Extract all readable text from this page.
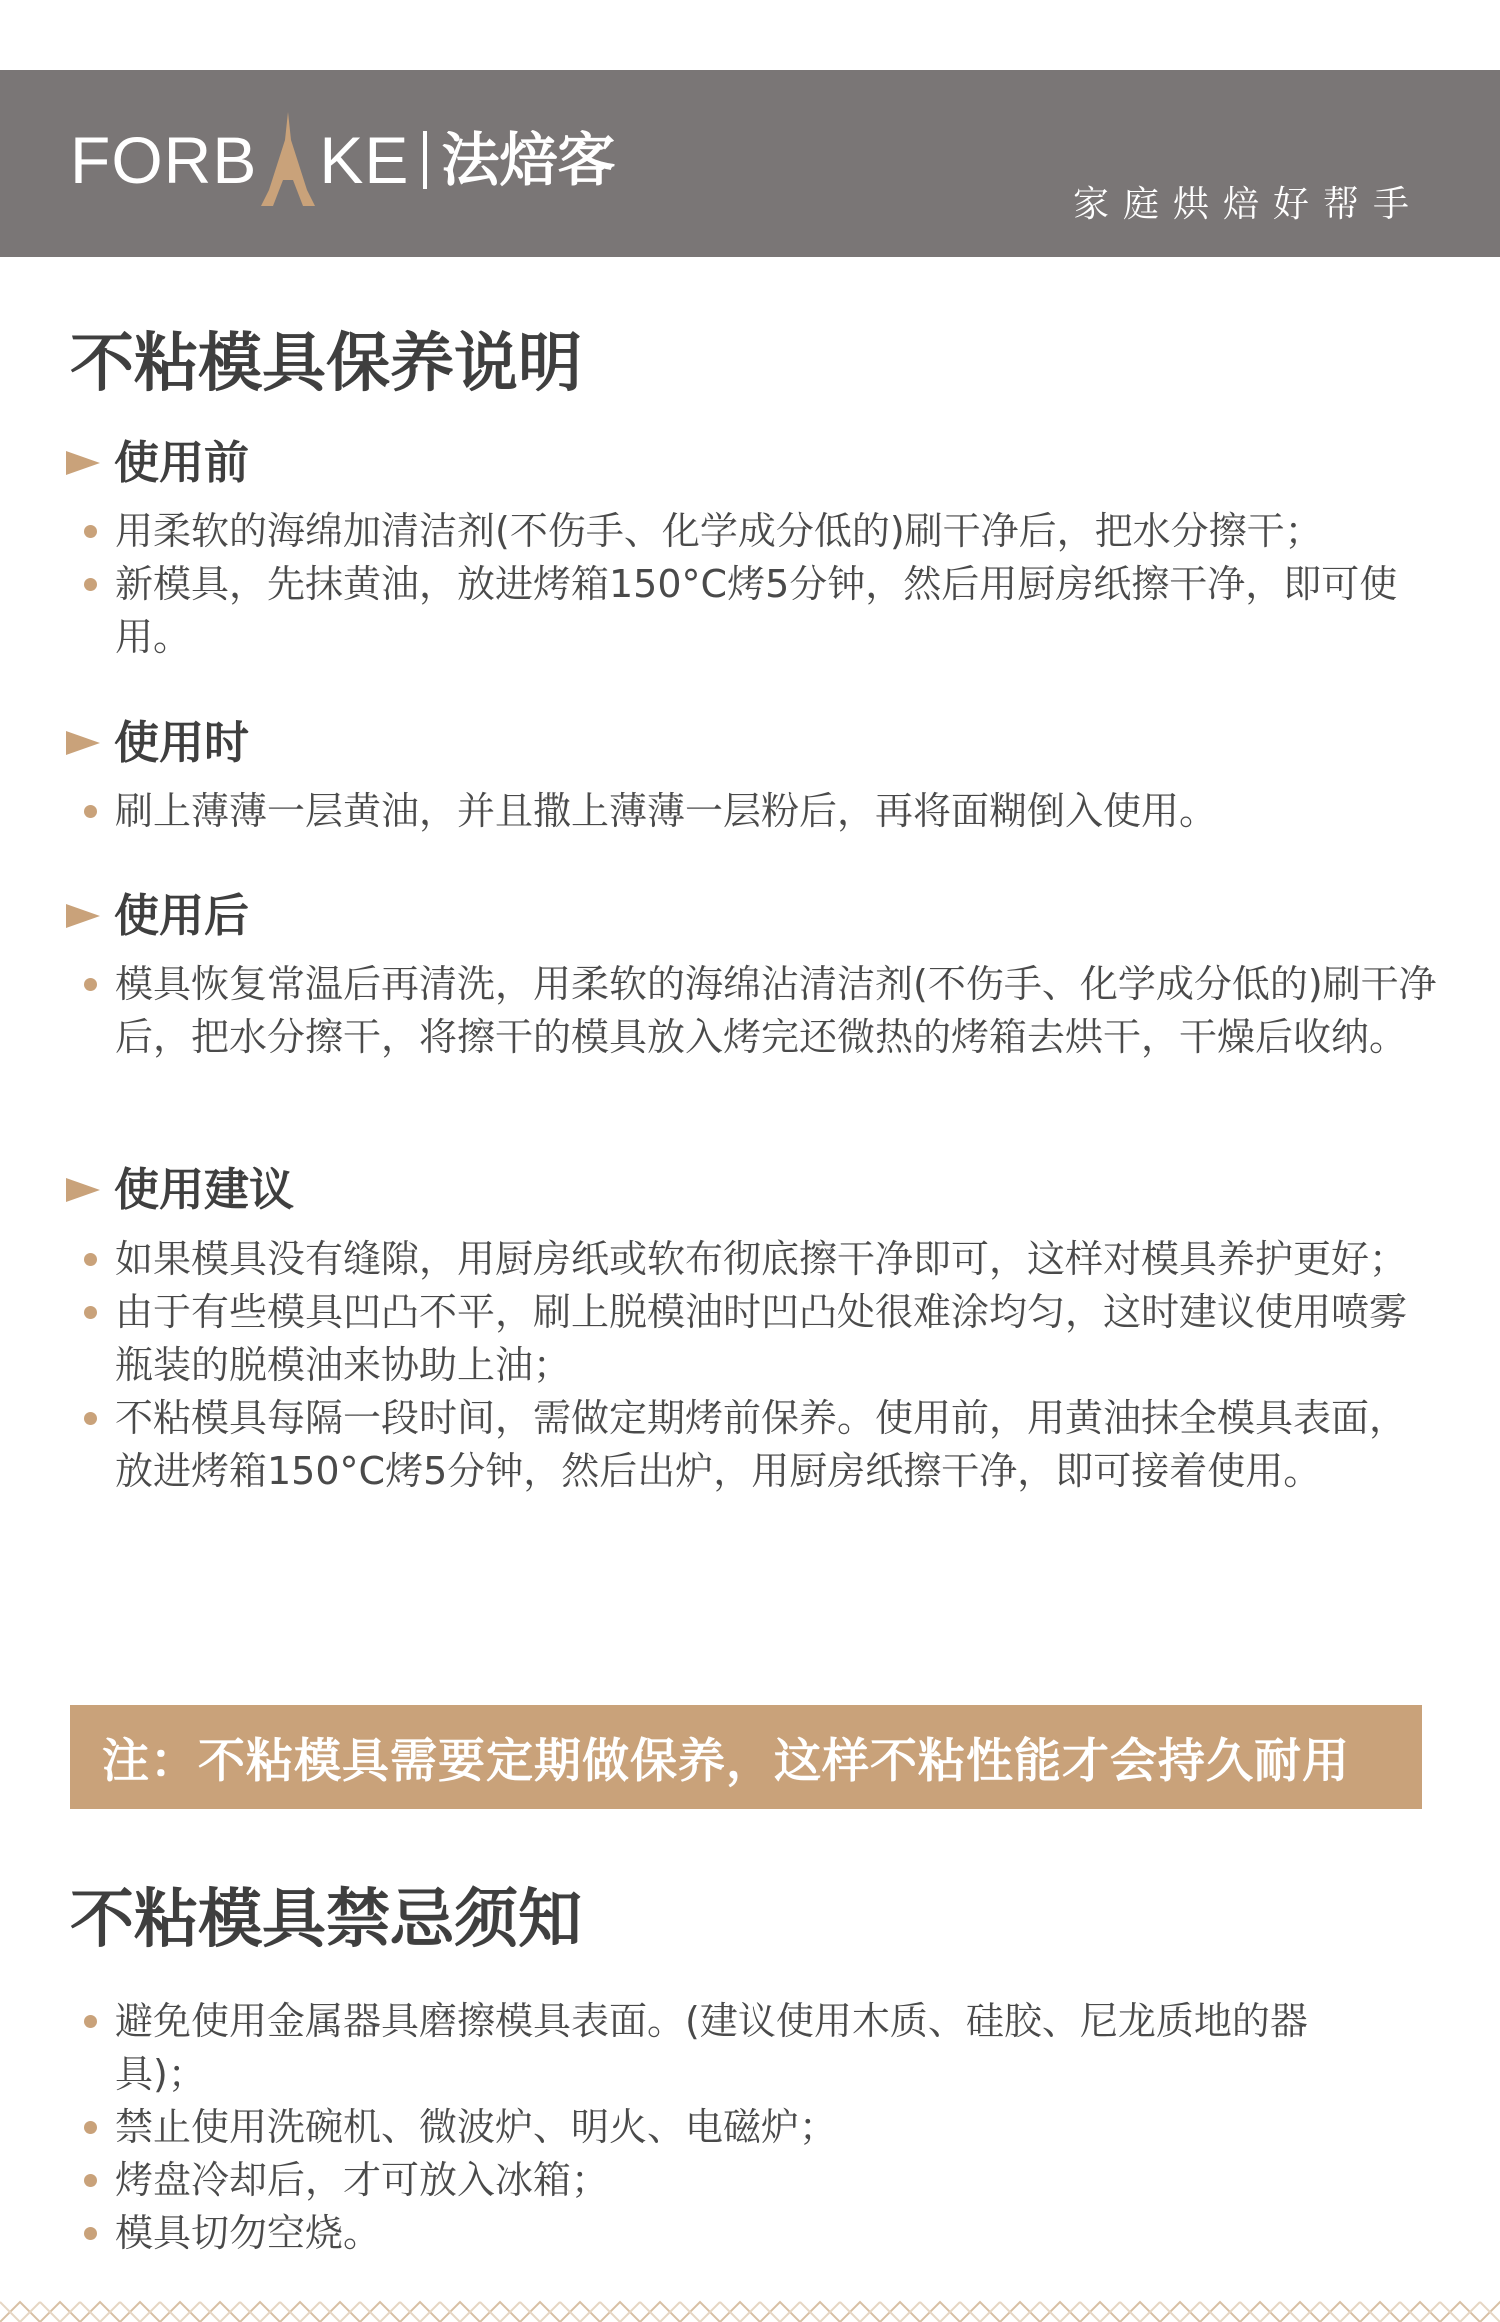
FORB KE 法焙客
家庭烘焙好帮手
不粘模具保养说明
使用前
用柔软的海绵加清洁剂(不伤手、化学成分低的)刷干净后，把水分擦干；
新模具，先抹黄油，放进烤箱150°C烤5分钟，然后用厨房纸擦干净，即可使用。
使用时
刷上薄薄一层黄油，并且撒上薄薄一层粉后，再将面糊倒入使用。
使用后
模具恢复常温后再清洗，用柔软的海绵沾清洁剂(不伤手、化学成分低的)刷干净后，把水分擦干，将擦干的模具放入烤完还微热的烤箱去烘干，干燥后收纳。
使用建议
如果模具没有缝隙，用厨房纸或软布彻底擦干净即可，这样对模具养护更好；
由于有些模具凹凸不平，刷上脱模油时凹凸处很难涂均匀，这时建议使用喷雾瓶装的脱模油来协助上油；
不粘模具每隔一段时间，需做定期烤前保养。使用前，用黄油抹全模具表面，放进烤箱150°C烤5分钟，然后出炉，用厨房纸擦干净，即可接着使用。
注：不粘模具需要定期做保养，这样不粘性能才会持久耐用
不粘模具禁忌须知
避免使用金属器具磨擦模具表面。(建议使用木质、硅胶、尼龙质地的器具)；
禁止使用洗碗机、微波炉、明火、电磁炉；
烤盘冷却后，才可放入冰箱；
模具切勿空烧。
